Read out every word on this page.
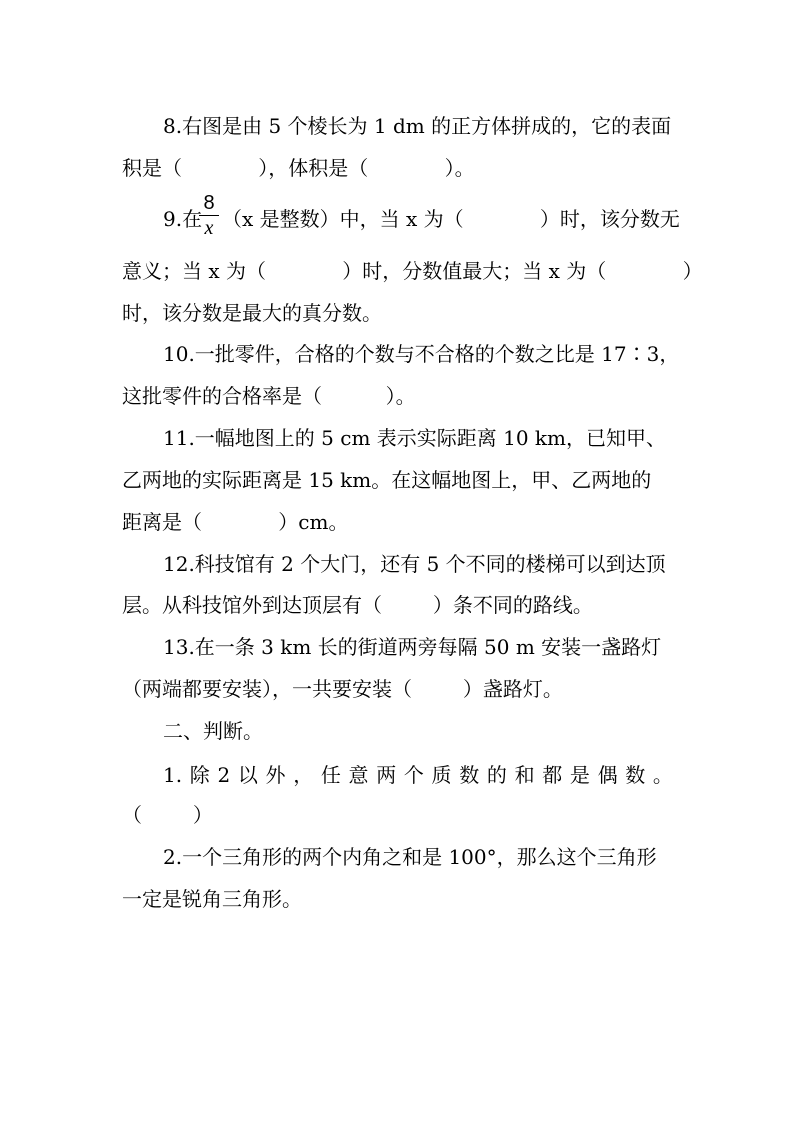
8.右图是由 5 个棱长为 1 dm 的正方体拼成的，它的表面
积是（            ），体积是（            ）。
9.在
8
x （x 是整数）中，当 x 为（            ）时，该分数无
意义；当 x 为（            ）时，分数值最大；当 x 为（            ）
时，该分数是最大的真分数。
10.一批零件，合格的个数与不合格的个数之比是 17∶3，
这批零件的合格率是（          ）。
11.一幅地图上的 5 cm 表示实际距离 10 km，已知甲、
乙两地的实际距离是 15 km。在这幅地图上，甲、乙两地的
距离是（            ）cm。
12.科技馆有 2 个大门，还有 5 个不同的楼梯可以到达顶
层。从科技馆外到达顶层有（        ）条不同的路线。
13.在一条 3 km 长的街道两旁每隔 50 m 安装一盏路灯
（两端都要安装），一共要安装（        ）盏路灯。
二、判断。
1. 除 2 以 外 ， 任 意 两 个 质 数 的 和 都 是 偶 数 。
（        ）
2.一个三角形的两个内角之和是 100°，那么这个三角形
一定是锐角三角形。
